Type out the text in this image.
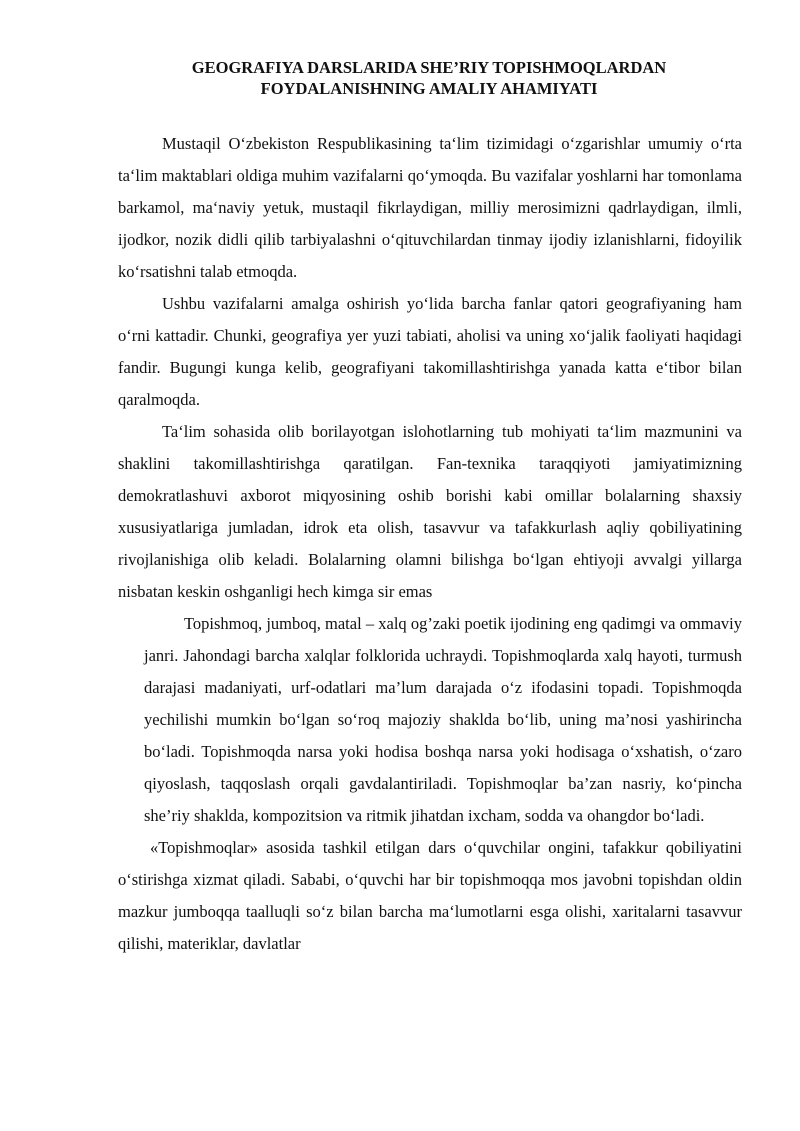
GEOGRAFIYA DARSLARIDA SHE’RIY TOPISHMOQLARDAN
FOYDALANISHNING AMALIY AHAMIYATI

Mustaqil O‘zbekiston Respublikasining ta‘lim tizimidagi o‘zgarishlar umumiy o‘rta ta‘lim maktablari oldiga muhim vazifalarni qo‘ymoqda. Bu vazifalar yoshlarni har tomonlama barkamol, ma‘naviy yetuk, mustaqil fikrlaydigan, milliy merosimizni qadrlaydigan, ilmli, ijodkor, nozik didli qilib tarbiyalashni o‘qituvchilardan tinmay ijodiy izlanishlarni, fidoyilik ko‘rsatishni talab etmoqda.

Ushbu vazifalarni amalga oshirish yo‘lida barcha fanlar qatori geografiyaning ham o‘rni kattadir. Chunki, geografiya yer yuzi tabiati, aholisi va uning xo‘jalik faoliyati haqidagi fandir. Bugungi kunga kelib, geografiyani takomillashtirishga yanada katta e‘tibor bilan qaralmoqda.

Ta‘lim sohasida olib borilayotgan islohotlarning tub mohiyati ta‘lim mazmunini va shaklini takomillashtirishga qaratilgan. Fan-texnika taraqqiyoti jamiyatimizning demokratlashuvi axborot miqyosining oshib borishi kabi omillar bolalarning shaxsiy xususiyatlariga jumladan, idrok eta olish, tasavvur va tafakkurlash aqliy qobiliyatining rivojlanishiga olib keladi. Bolalarning olamni bilishga bo‘lgan ehtiyoji avvalgi yillarga nisbatan keskin oshganligi hech kimga sir emas

Topishmoq, jumboq, matal – xalq og’zaki poetik ijodining eng qadimgi va ommaviy janri. Jahondagi barcha xalqlar folklorida uchraydi. Topishmoqlarda xalq hayoti, turmush darajasi madaniyati, urf-odatlari ma’lum darajada o‘z ifodasini topadi. Topishmoqda yechilishi mumkin bo‘lgan so‘roq majoziy shaklda bo‘lib, uning ma’nosi yashirincha bo‘ladi. Topishmoqda narsa yoki hodisa boshqa narsa yoki hodisaga o‘xshatish, o‘zaro qiyoslash, taqqoslash orqali gavdalantiriladi. Topishmoqlar ba’zan nasriy, ko‘pincha she’riy shaklda, kompozitsion va ritmik jihatdan ixcham, sodda va ohangdor bo‘ladi.

«Topishmoqlar» asosida tashkil etilgan dars o‘quvchilar ongini, tafakkur qobiliyatini o‘stirishga xizmat qiladi. Sababi, o‘quvchi har bir topishmoqqa mos javobni topishdan oldin mazkur jumboqqa taalluqli so‘z bilan barcha ma‘lumotlarni esga olishi, xaritalarni tasavvur qilishi, materiklar, davlatlar
